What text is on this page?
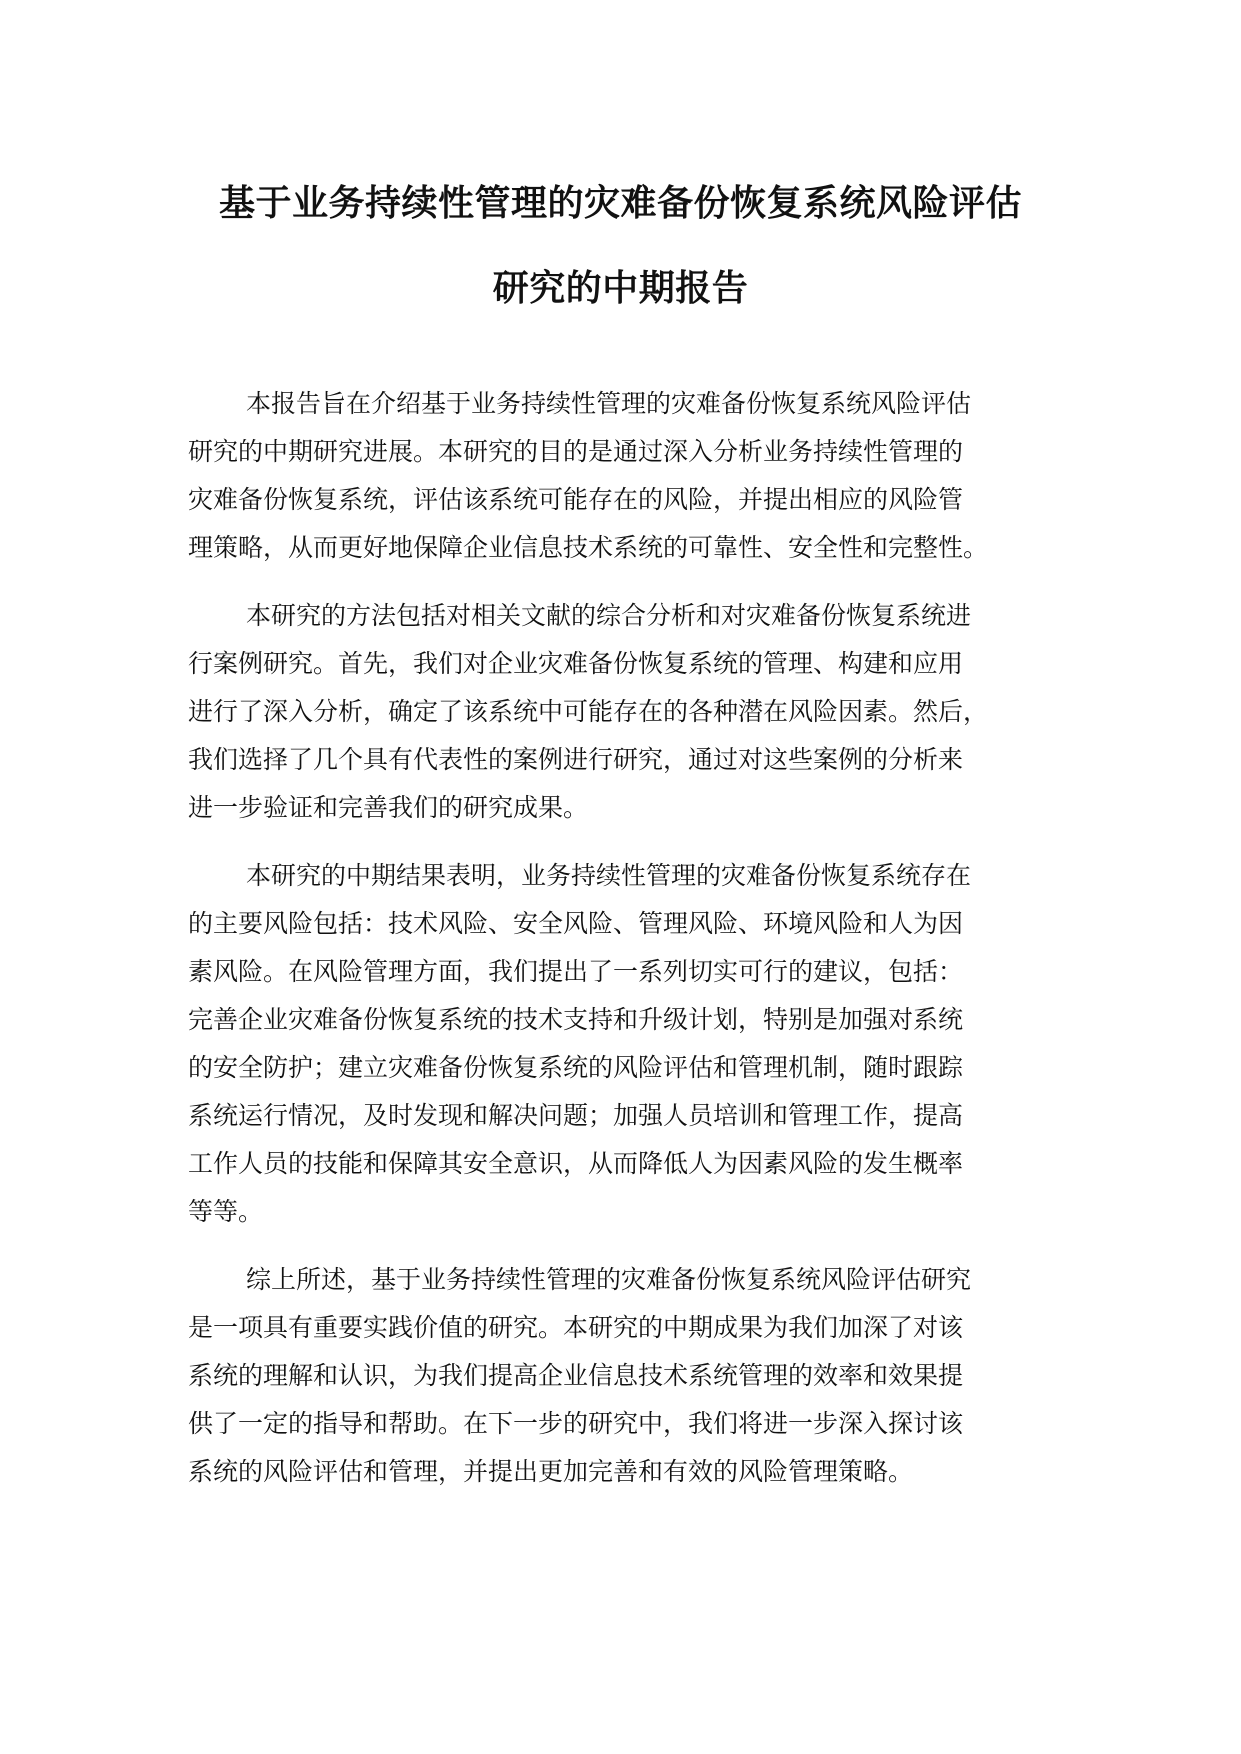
基于业务持续性管理的灾难备份恢复系统风险评估
研究的中期报告
本报告旨在介绍基于业务持续性管理的灾难备份恢复系统风险评估
研究的中期研究进展。本研究的目的是通过深入分析业务持续性管理的
灾难备份恢复系统，评估该系统可能存在的风险，并提出相应的风险管
理策略，从而更好地保障企业信息技术系统的可靠性、安全性和完整性。
本研究的方法包括对相关文献的综合分析和对灾难备份恢复系统进
行案例研究。首先，我们对企业灾难备份恢复系统的管理、构建和应用
进行了深入分析，确定了该系统中可能存在的各种潜在风险因素。然后，
我们选择了几个具有代表性的案例进行研究，通过对这些案例的分析来
进一步验证和完善我们的研究成果。
本研究的中期结果表明，业务持续性管理的灾难备份恢复系统存在
的主要风险包括：技术风险、安全风险、管理风险、环境风险和人为因
素风险。在风险管理方面，我们提出了一系列切实可行的建议，包括：
完善企业灾难备份恢复系统的技术支持和升级计划，特别是加强对系统
的安全防护；建立灾难备份恢复系统的风险评估和管理机制，随时跟踪
系统运行情况，及时发现和解决问题；加强人员培训和管理工作，提高
工作人员的技能和保障其安全意识，从而降低人为因素风险的发生概率
等等。
综上所述，基于业务持续性管理的灾难备份恢复系统风险评估研究
是一项具有重要实践价值的研究。本研究的中期成果为我们加深了对该
系统的理解和认识，为我们提高企业信息技术系统管理的效率和效果提
供了一定的指导和帮助。在下一步的研究中，我们将进一步深入探讨该
系统的风险评估和管理，并提出更加完善和有效的风险管理策略。
